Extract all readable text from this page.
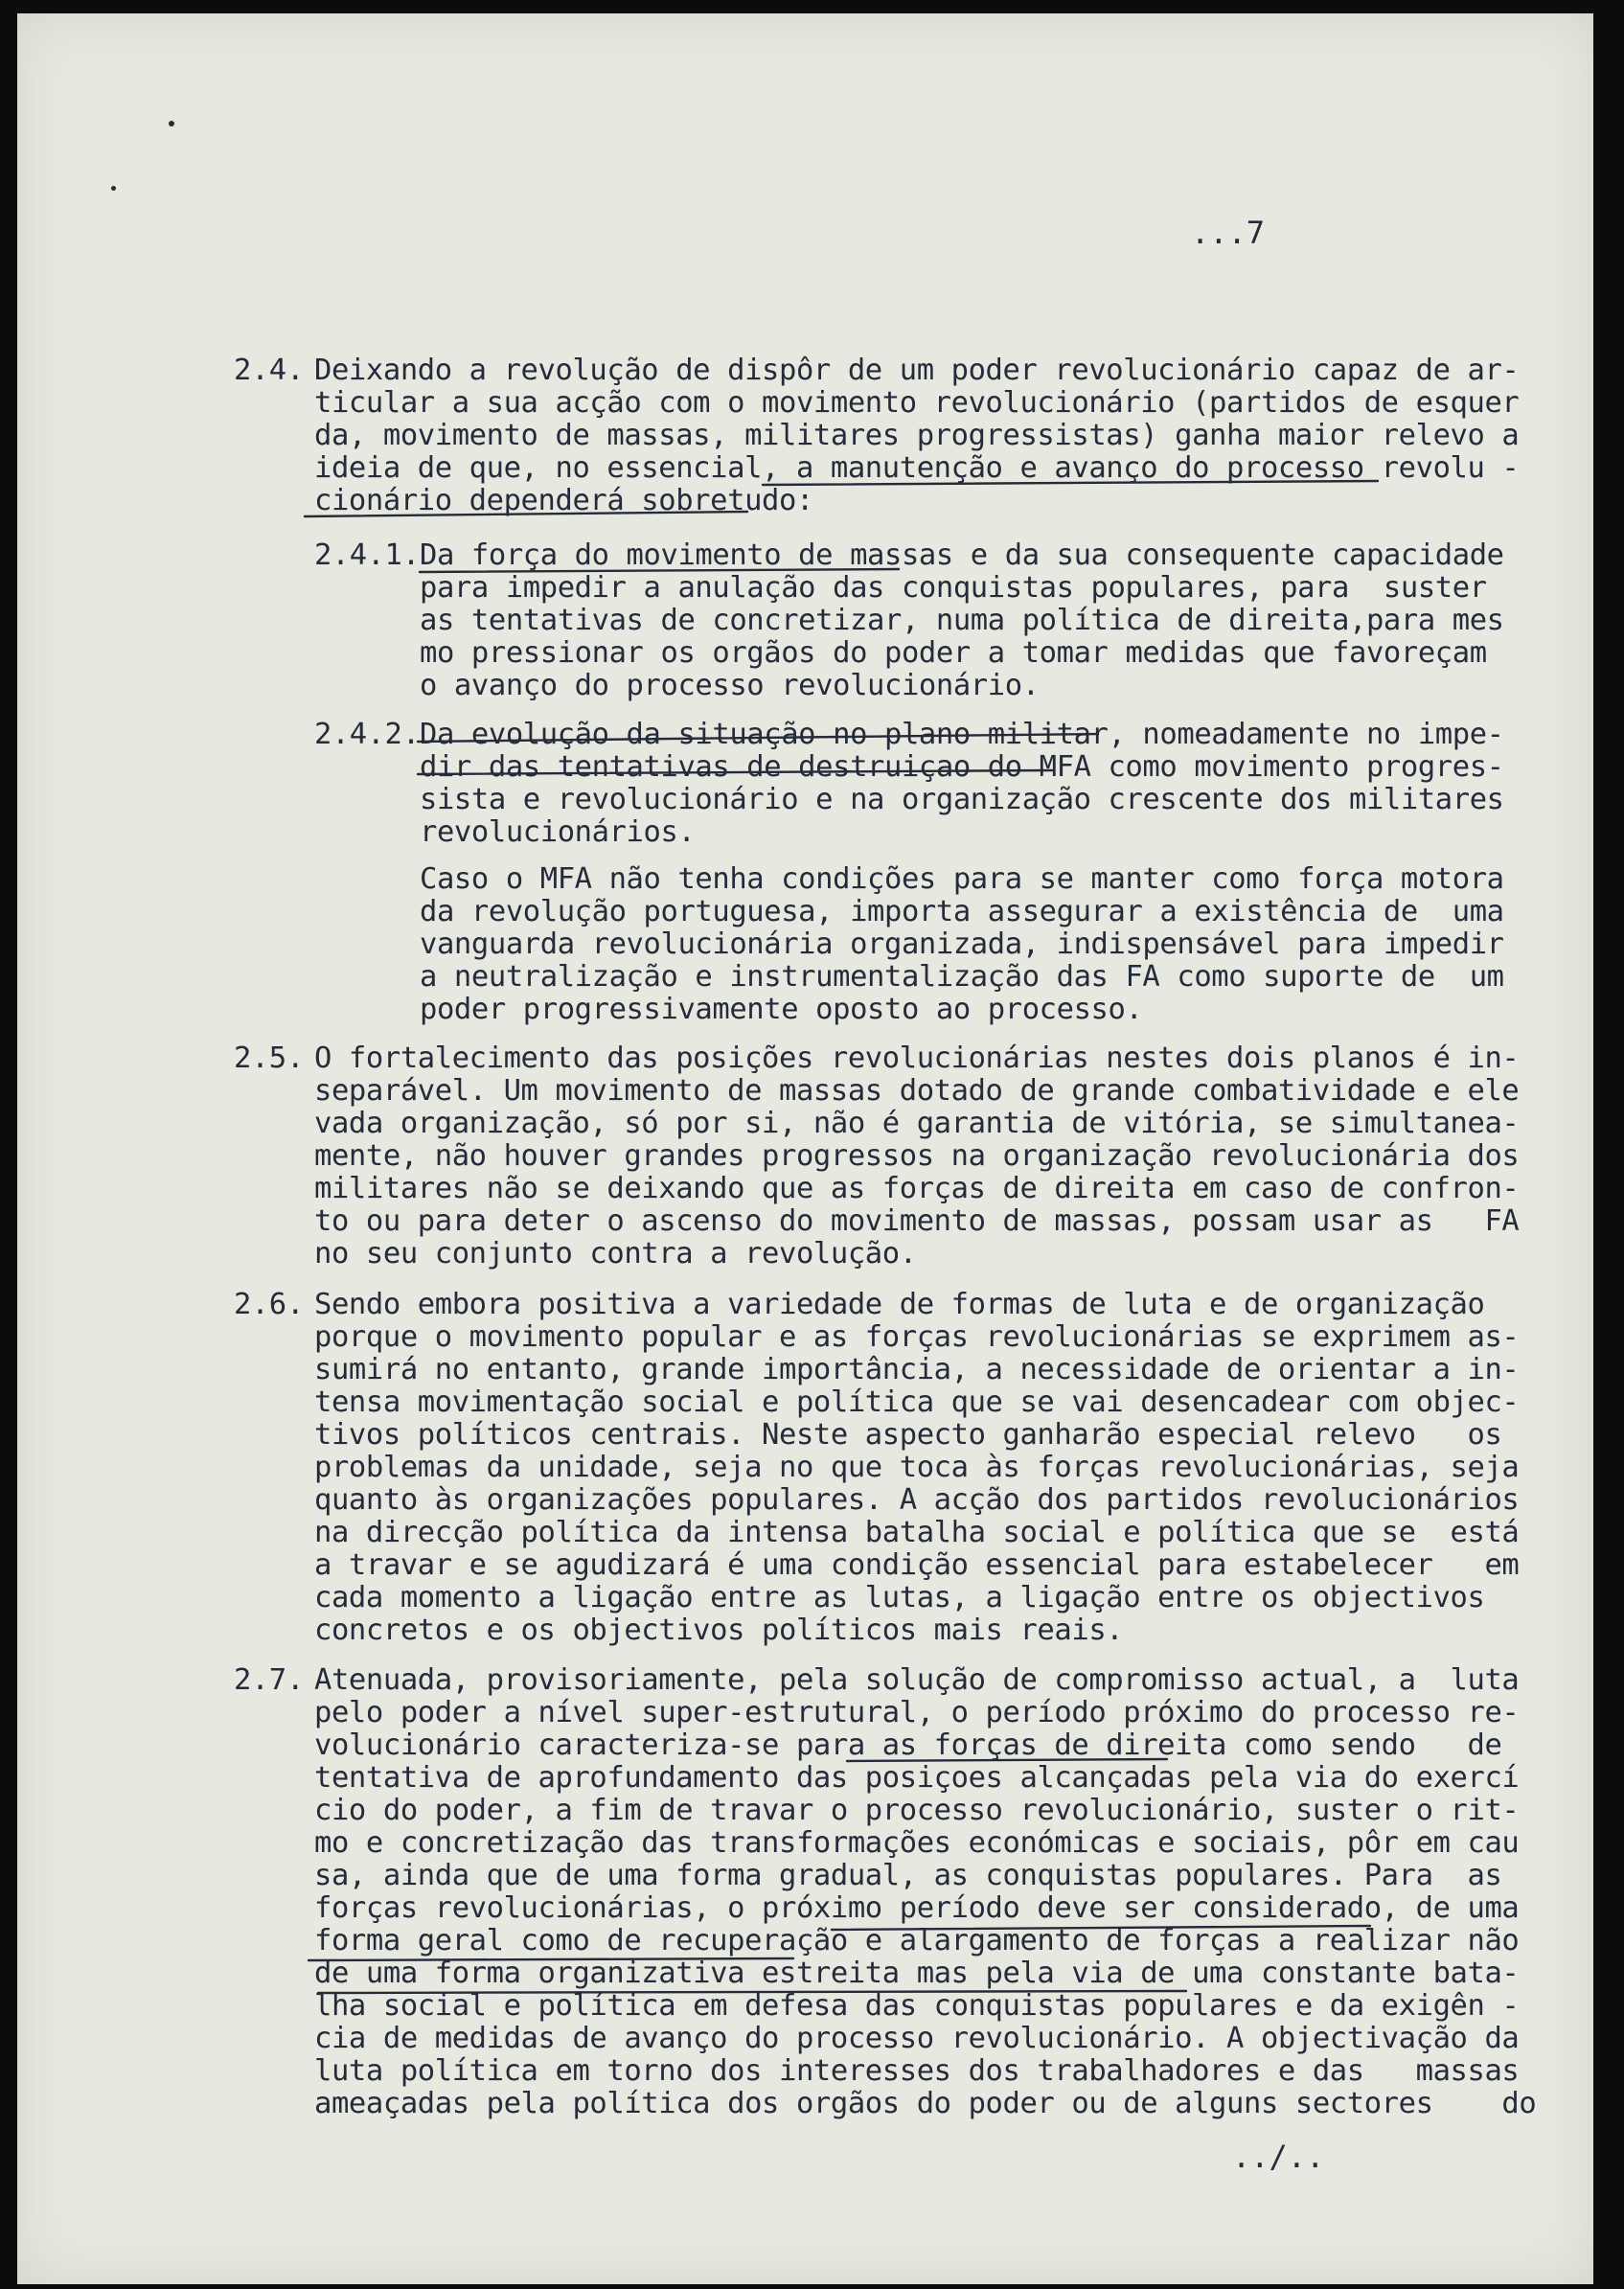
...7
2.4. Deixando a revolução de dispôr de um poder revolucionário capaz de ar-
ticular a sua acção com o movimento revolucionário (partidos de esquer
da, movimento de massas, militares progressistas) ganha maior relevo a
ideia de que, no essencial, a manutenção e avanço do processo revolu -
cionário dependerá sobretudo:
2.4.1. Da força do movimento de massas e da sua consequente capacidade
para impedir a anulação das conquistas populares, para  suster
as tentativas de concretizar, numa política de direita,para mes
mo pressionar os orgãos do poder a tomar medidas que favoreçam
o avanço do processo revolucionário.
2.4.2. Da evolução da situação no plano militar, nomeadamente no impe-
dir das tentativas de destruiçao do MFA como movimento progres-
sista e revolucionário e na organização crescente dos militares
revolucionários.
Caso o MFA não tenha condições para se manter como força motora
da revolução portuguesa, importa assegurar a existência de  uma
vanguarda revolucionária organizada, indispensável para impedir
a neutralização e instrumentalização das FA como suporte de  um
poder progressivamente oposto ao processo.
2.5. O fortalecimento das posições revolucionárias nestes dois planos é in-
separável. Um movimento de massas dotado de grande combatividade e ele
vada organização, só por si, não é garantia de vitória, se simultanea-
mente, não houver grandes progressos na organização revolucionária dos
militares não se deixando que as forças de direita em caso de confron-
to ou para deter o ascenso do movimento de massas, possam usar as   FA
no seu conjunto contra a revolução.
2.6. Sendo embora positiva a variedade de formas de luta e de organização
porque o movimento popular e as forças revolucionárias se exprimem as-
sumirá no entanto, grande importância, a necessidade de orientar a in-
tensa movimentação social e política que se vai desencadear com objec-
tivos políticos centrais. Neste aspecto ganharão especial relevo   os
problemas da unidade, seja no que toca às forças revolucionárias, seja
quanto às organizações populares. A acção dos partidos revolucionários
na direcção política da intensa batalha social e política que se  está
a travar e se agudizará é uma condição essencial para estabelecer   em
cada momento a ligação entre as lutas, a ligação entre os objectivos
concretos e os objectivos políticos mais reais.
2.7. Atenuada, provisoriamente, pela solução de compromisso actual, a  luta
pelo poder a nível super-estrutural, o período próximo do processo re-
volucionário caracteriza-se para as forças de direita como sendo   de
tentativa de aprofundamento das posiçoes alcançadas pela via do exercí
cio do poder, a fim de travar o processo revolucionário, suster o rit-
mo e concretização das transformações económicas e sociais, pôr em cau
sa, ainda que de uma forma gradual, as conquistas populares. Para  as
forças revolucionárias, o próximo período deve ser considerado, de uma
forma geral como de recuperação e alargamento de forças a realizar não
de uma forma organizativa estreita mas pela via de uma constante bata-
lha social e política em defesa das conquistas populares e da exigên -
cia de medidas de avanço do processo revolucionário. A objectivação da
luta política em torno dos interesses dos trabalhadores e das   massas
ameaçadas pela política dos orgãos do poder ou de alguns sectores    do
../..
